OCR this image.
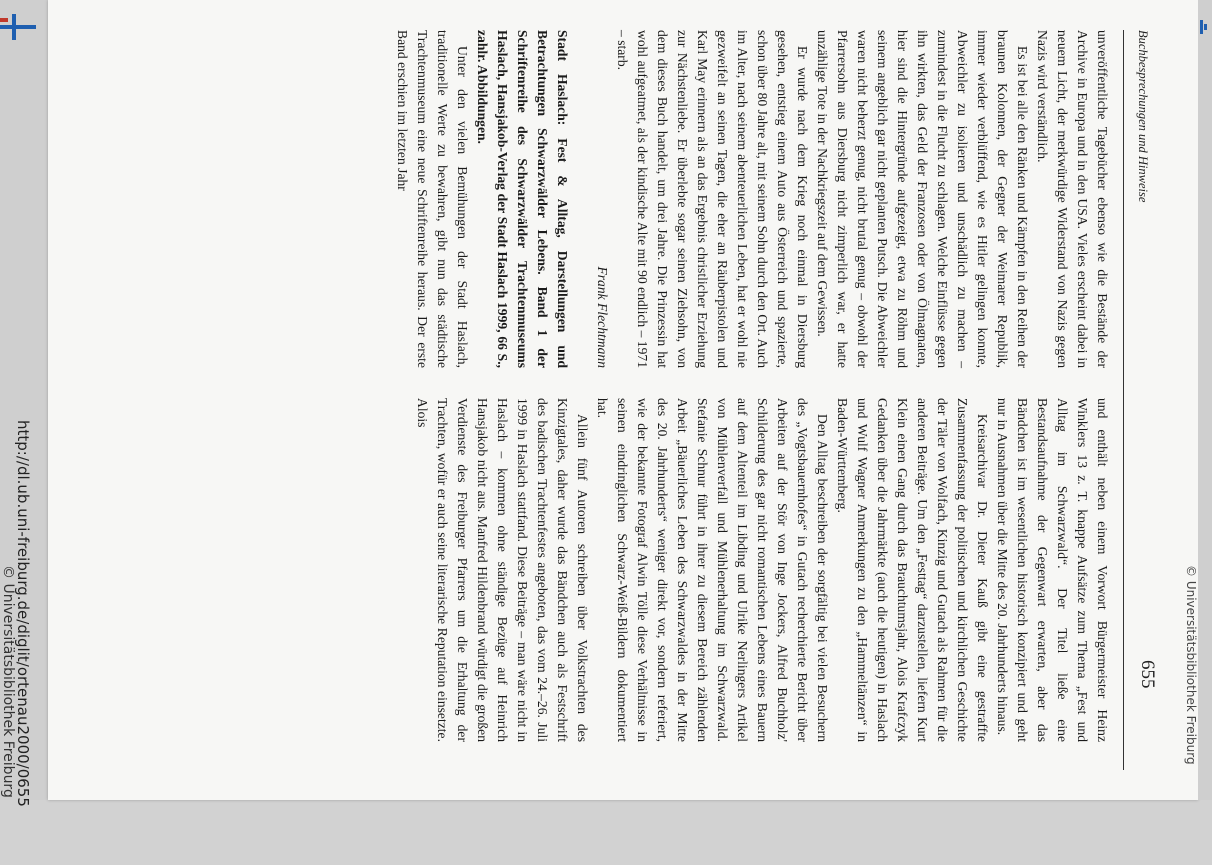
http://dl.ub.uni-freiburg.de/diglit/ortenau2000/0655
© Universitätsbibliothek Freiburg
Buchbesprechungen und Hinweise
655

unveröffentliche Tagebücher ebenso wie die Bestände der Archive in Europa und in den USA. Vieles erscheint dabei in neuem Licht, der merkwürdige Widerstand von Nazis gegen Nazis wird verständlich.

Es ist bei alle den Ränken und Kämpfen in den Reihen der braunen Kolonnen, der Gegner der Weimarer Republik, immer wieder verblüffend, wie es Hitler gelingen konnte, Abweichler zu isolieren und unschädlich zu machen – zumindest in die Flucht zu schlagen. Welche Einflüsse gegen ihn wirkten, das Geld der Franzosen oder von Ölmagnaten, hier sind die Hintergründe aufgezeigt, etwa zu Röhm und seinem angeblich gar nicht geplanten Putsch. Die Abweichler waren nicht beherzt genug, nicht brutal genug – obwohl der Pfarrersohn aus Diersburg nicht zimperlich war, er hatte unzählige Tote in der Nachkriegszeit auf dem Gewissen.

Er wurde nach dem Krieg noch einmal in Diersburg gesehen, entstieg einem Auto aus Österreich und spazierte, schon über 80 Jahre alt, mit seinem Sohn durch den Ort. Auch im Alter, nach seinem abenteuerlichen Leben, hat er wohl nie gezweifelt an seinen Tagen, die eher an Räuberpistolen und Karl May erinnern als an das Ergebnis christlicher Erziehung zur Nächstenliebe. Er überlebte sogar seinen Ziehsohn, von dem dieses Buch handelt, um drei Jahre. Die Prinzessin hat wohl aufgeatmet, als der kindische Alte mit 90 endlich – 1971 – starb.

Frank Flechtmann

Stadt Haslach: Fest & Alltag, Darstellungen und Betrachtungen Schwarzwälder Lebens. Band 1 der Schriftenreihe des Schwarzwälder Trachtenmuseums Haslach, Hansjakob-Verlag der Stadt Haslach 1999, 66 S., zahlr. Abbildungen.

Unter den vielen Bemühungen der Stadt Haslach, traditionelle Werte zu bewahren, gibt nun das städtische Trachtenmuseum eine neue Schriftenreihe heraus. Der erste Band erschien im letzten Jahr

und enthält neben einem Vorwort Bürgermeister Heinz Winklers 13 z. T. knappe Aufsätze zum Thema „Fest und Alltag im Schwarzwald“. Der Titel ließe eine Bestandsaufnahme der Gegenwart erwarten, aber das Bändchen ist im wesentlichen historisch konzipiert und geht nur in Ausnahmen über die Mitte des 20. Jahrhunderts hinaus.

Kreisarchivar Dr. Dieter Kauß gibt eine gestraffte Zusammenfassung der politischen und kirchlichen Geschichte der Täler von Wolfach, Kinzig und Gutach als Rahmen für die anderen Beiträge. Um den „Festtag“ darzustellen, liefern Kurt Klein einen Gang durch das Brauchtumsjahr, Alois Krafczyk Gedanken über die Jahrmärkte (auch die heutigen) in Haslach und Wulf Wagner Anmerkungen zu den „Hammeltänzen“ in Baden-Württemberg.

Den Alltag beschreiben der sorgfältig bei vielen Besuchern des „Vogtsbauernhofes“ in Gutach recherchierte Bericht über Arbeiten auf der Stör von Inge Jockers, Alfred Buchholz' Schilderung des gar nicht romantischen Lebens eines Bauern auf dem Altenteil im Libding und Ulrike Nerlingers Artikel von Mühlenverfall und Mühlenerhaltung im Schwarzwald. Stefanie Schnur führt in ihrer zu diesem Bereich zählenden Arbeit „Bäuerliches Leben des Schwarzwaldes in der Mitte des 20. Jahrhunderts“ weniger direkt vor, sondern referiert, wie der bekannte Fotograf Alwin Tölle diese Verhältnisse in seinen eindringlichen Schwarz-Weiß-Bildern dokumentiert hat.

Allein fünf Autoren schreiben über Volkstrachten des Kinzigtales, daher wurde das Bändchen auch als Festschrift des badischen Trachtenfestes angeboten, das vom 24.–26. Juli 1999 in Haslach stattfand. Diese Beiträge – man wäre nicht in Haslach – kommen ohne ständige Bezüge auf Heinrich Hansjakob nicht aus. Manfred Hildenbrand würdigt die großen Verdienste des Freiburger Pfarrers um die Erhaltung der Trachten, wofür er auch seine literarische Reputation einsetzte. Alois

© Universitätsbibliothek Freiburg
